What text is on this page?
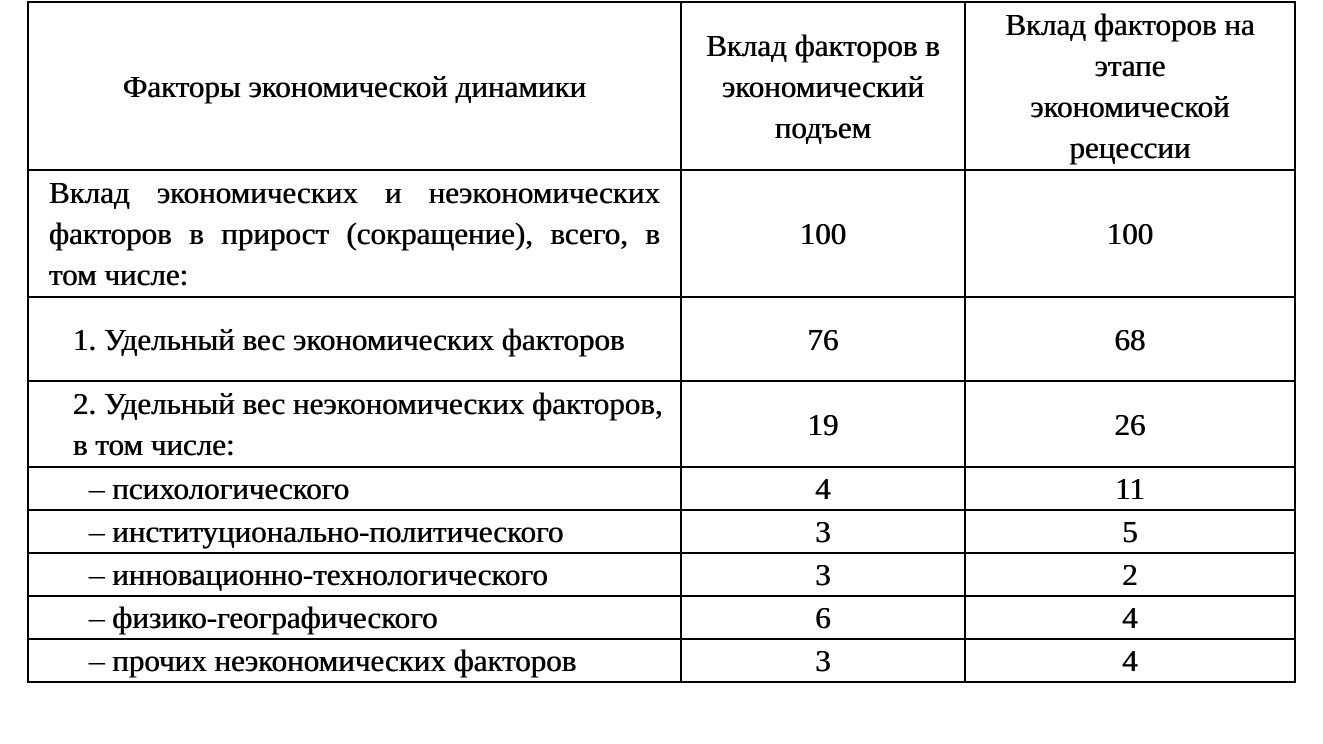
Факторы экономической динамики	Вклад факторов в экономический подъем	Вклад факторов на этапе экономической рецессии

Вклад экономических и неэкономических факторов в прирост (сокращение), всего, в том числе:	100	100
1. Удельный вес экономических факторов	76	68
2. Удельный вес неэкономических факторов, в том числе:	19	26
– психологического	4	11
– институционально-политического	3	5
– инновационно-технологического	3	2
– физико-географического	6	4
– прочих неэкономических факторов	3	4
